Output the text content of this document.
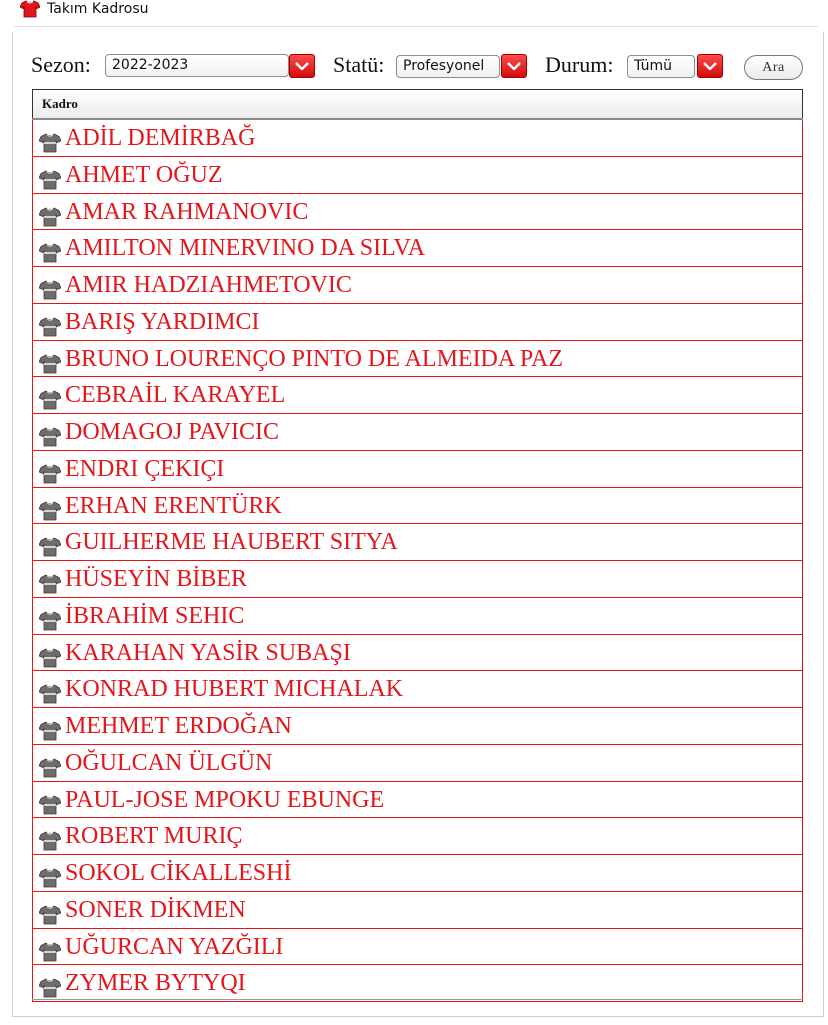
Takım Kadrosu
Sezon:	2022-2023	Statü:	Profesyonel	Durum:	Tümü	Ara
Kadro
ADİL DEMİRBAĞ
AHMET OĞUZ
AMAR RAHMANOVIC
AMILTON MINERVINO DA SILVA
AMIR HADZIAHMETOVIC
BARIŞ YARDIMCI
BRUNO LOURENÇO PINTO DE ALMEIDA PAZ
CEBRAİL KARAYEL
DOMAGOJ PAVICIC
ENDRI ÇEKIÇI
ERHAN ERENTÜRK
GUILHERME HAUBERT SITYA
HÜSEYİN BİBER
İBRAHİM SEHIC
KARAHAN YASİR SUBAŞI
KONRAD HUBERT MICHALAK
MEHMET ERDOĞAN
OĞULCAN ÜLGÜN
PAUL-JOSE MPOKU EBUNGE
ROBERT MURIÇ
SOKOL CİKALLESHİ
SONER DİKMEN
UĞURCAN YAZĞILI
ZYMER BYTYQI
